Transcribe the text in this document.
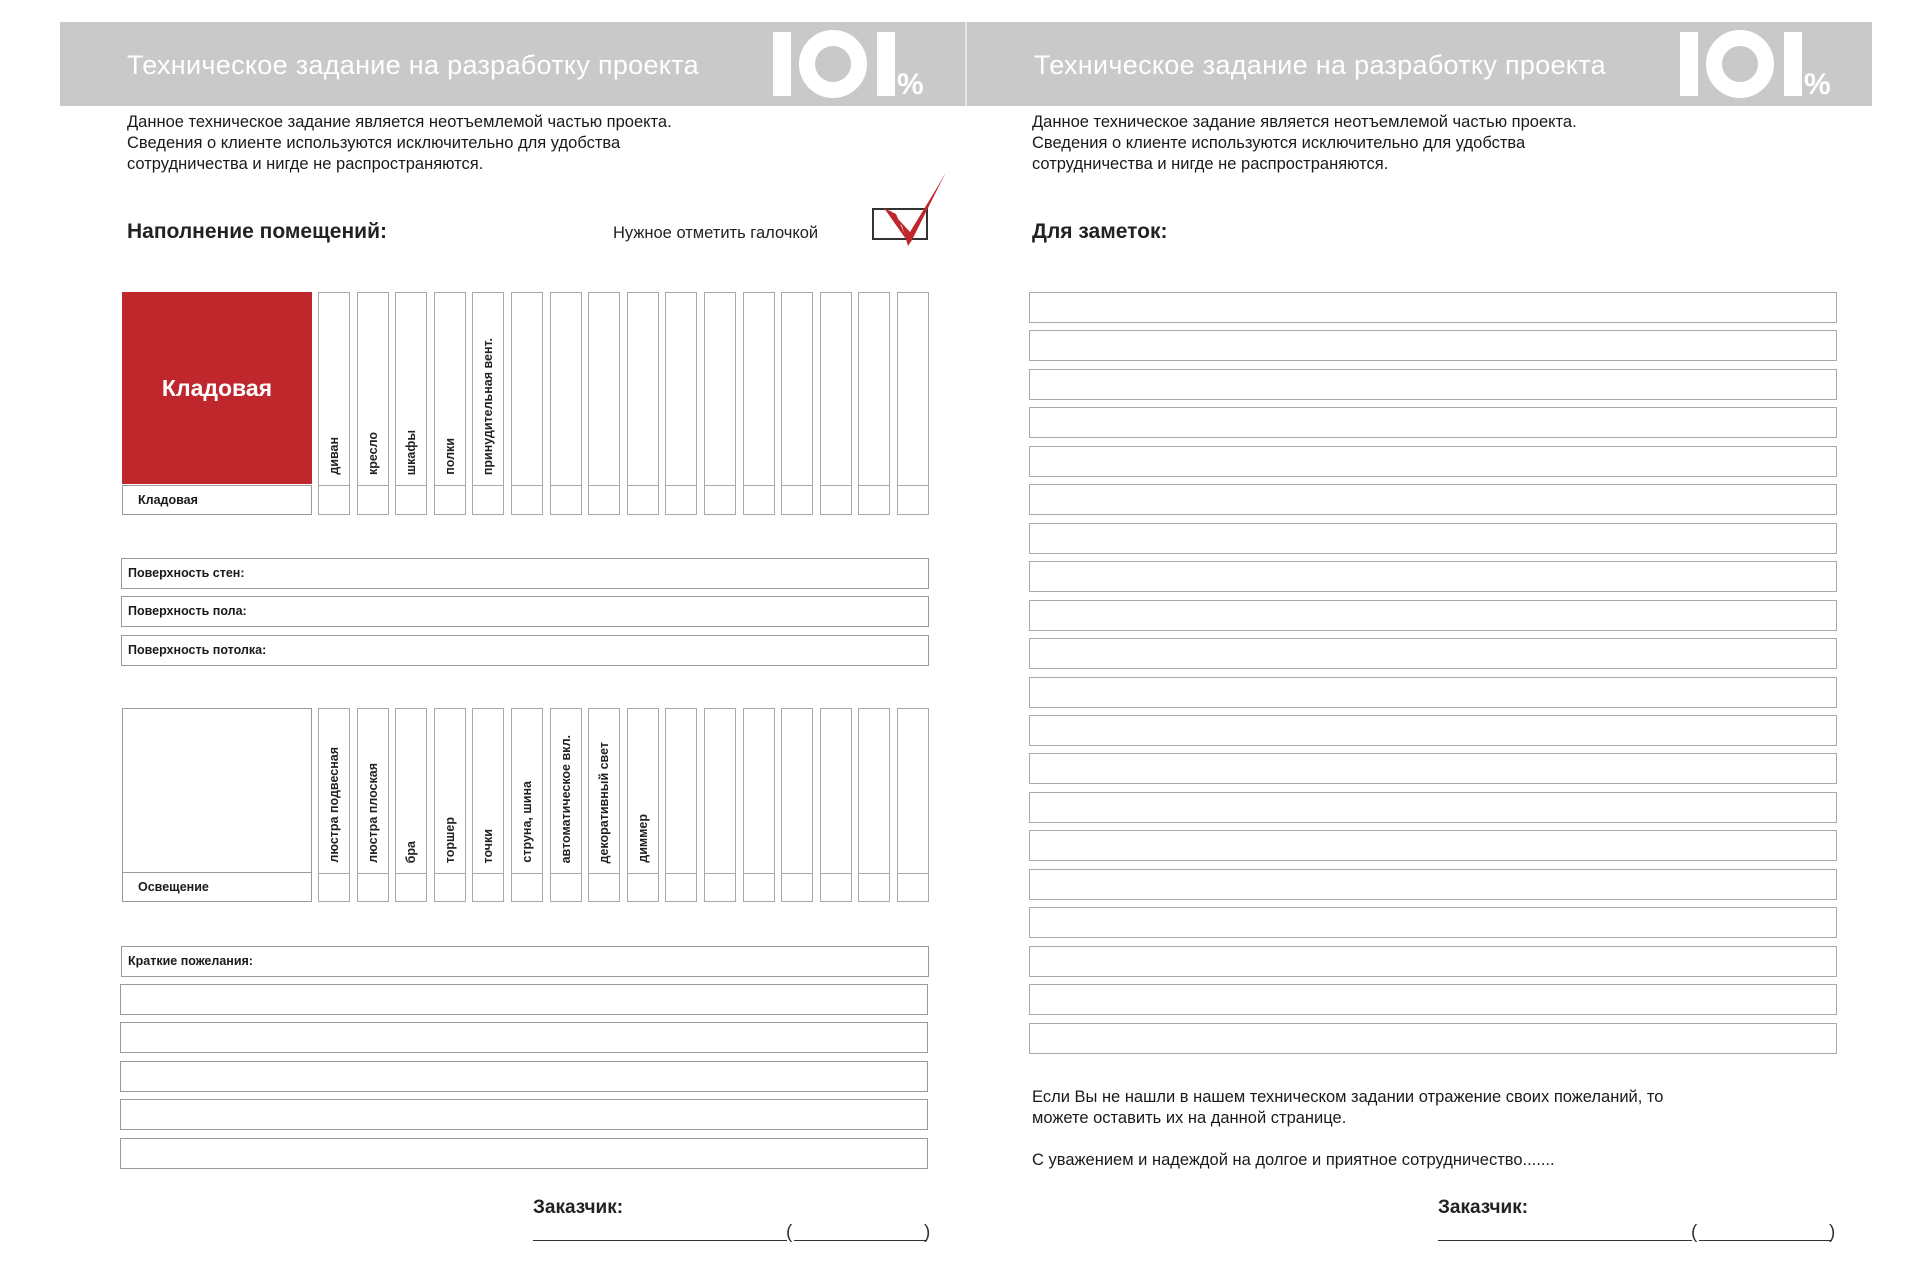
Техническое задание на разработку проекта
%
Данное техническое задание является неотъемлемой частью проекта.
Сведения о клиенте используются исключительно для удобства
сотрудничества и нигде не распространяются.
Наполнение помещений:	Нужное отметить галочкой
Кладовая
Кладовая
диван	кресло	шкафы	полки	принудительная вент.
Поверхность стен:
Поверхность пола:
Поверхность потолка:
Освещение
люстра подвесная	люстра плоская	бра	торшер	точки	струна, шина	автоматическое вкл.	декоративный свет	диммер
Краткие пожелания:
Заказчик:
(	)
Техническое задание на разработку проекта
%
Данное техническое задание является неотъемлемой частью проекта.
Сведения о клиенте используются исключительно для удобства
сотрудничества и нигде не распространяются.
Для заметок:
Если Вы не нашли в нашем техническом задании отражение своих пожеланий, то
можете оставить их на данной странице.
С уважением и надеждой на долгое и приятное сотрудничество.......
Заказчик:
(	)
